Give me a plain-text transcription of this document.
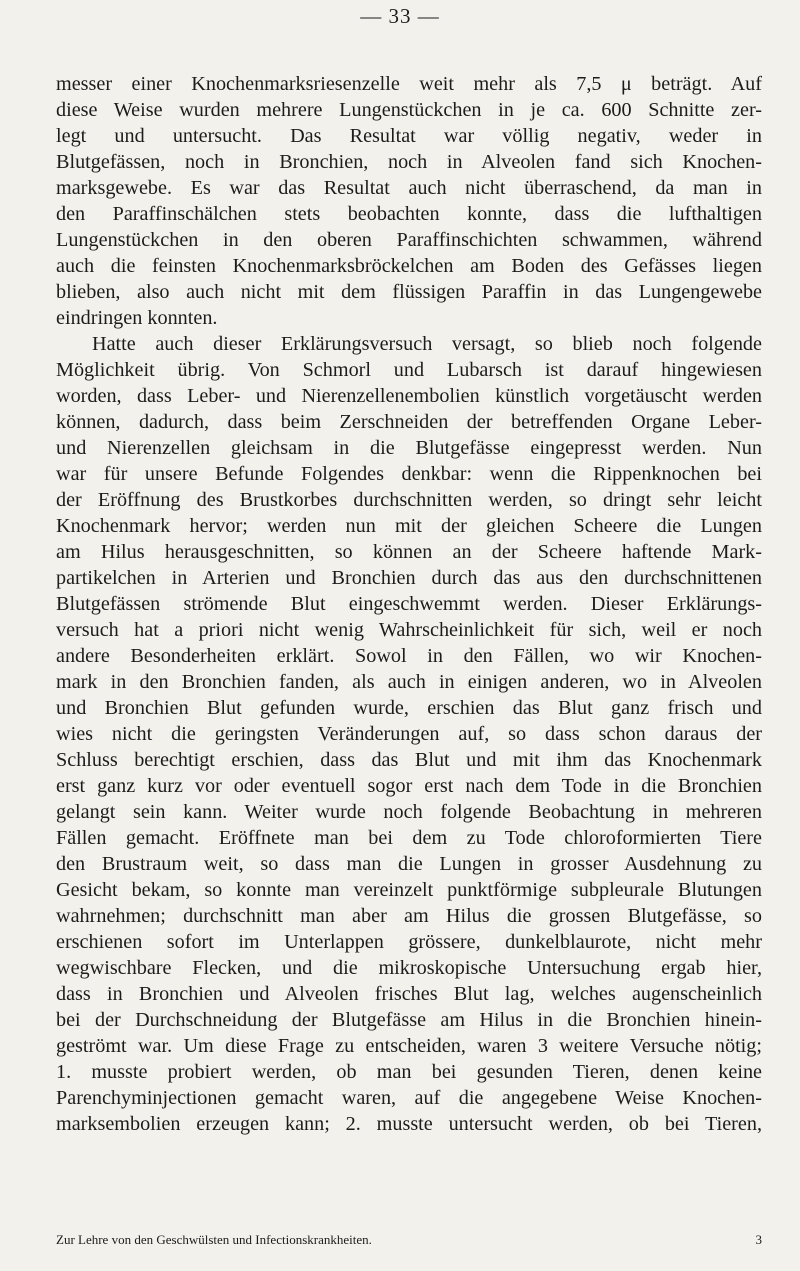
— 33 —
messer einer Knochenmarksriesenzelle weit mehr als 7,5 μ beträgt. Auf
diese Weise wurden mehrere Lungenstückchen in je ca. 600 Schnitte zer-
legt und untersucht. Das Resultat war völlig negativ, weder in
Blutgefässen, noch in Bronchien, noch in Alveolen fand sich Knochen-
marksgewebe. Es war das Resultat auch nicht überraschend, da man in
den Paraffinschälchen stets beobachten konnte, dass die lufthaltigen
Lungenstückchen in den oberen Paraffinschichten schwammen, während
auch die feinsten Knochenmarksbröckelchen am Boden des Gefässes liegen
blieben, also auch nicht mit dem flüssigen Paraffin in das Lungengewebe
eindringen konnten.
Hatte auch dieser Erklärungsversuch versagt, so blieb noch folgende
Möglichkeit übrig. Von Schmorl und Lubarsch ist darauf hingewiesen
worden, dass Leber- und Nierenzellenembolien künstlich vorgetäuscht werden
können, dadurch, dass beim Zerschneiden der betreffenden Organe Leber-
und Nierenzellen gleichsam in die Blutgefässe eingepresst werden. Nun
war für unsere Befunde Folgendes denkbar: wenn die Rippenknochen bei
der Eröffnung des Brustkorbes durchschnitten werden, so dringt sehr leicht
Knochenmark hervor; werden nun mit der gleichen Scheere die Lungen
am Hilus herausgeschnitten, so können an der Scheere haftende Mark-
partikelchen in Arterien und Bronchien durch das aus den durchschnittenen
Blutgefässen strömende Blut eingeschwemmt werden. Dieser Erklärungs-
versuch hat a priori nicht wenig Wahrscheinlichkeit für sich, weil er noch
andere Besonderheiten erklärt. Sowol in den Fällen, wo wir Knochen-
mark in den Bronchien fanden, als auch in einigen anderen, wo in Alveolen
und Bronchien Blut gefunden wurde, erschien das Blut ganz frisch und
wies nicht die geringsten Veränderungen auf, so dass schon daraus der
Schluss berechtigt erschien, dass das Blut und mit ihm das Knochenmark
erst ganz kurz vor oder eventuell sogor erst nach dem Tode in die Bronchien
gelangt sein kann. Weiter wurde noch folgende Beobachtung in mehreren
Fällen gemacht. Eröffnete man bei dem zu Tode chloroformierten Tiere
den Brustraum weit, so dass man die Lungen in grosser Ausdehnung zu
Gesicht bekam, so konnte man vereinzelt punktförmige subpleurale Blutungen
wahrnehmen; durchschnitt man aber am Hilus die grossen Blutgefässe, so
erschienen sofort im Unterlappen grössere, dunkelblaurote, nicht mehr
wegwischbare Flecken, und die mikroskopische Untersuchung ergab hier,
dass in Bronchien und Alveolen frisches Blut lag, welches augenscheinlich
bei der Durchschneidung der Blutgefässe am Hilus in die Bronchien hinein-
geströmt war. Um diese Frage zu entscheiden, waren 3 weitere Versuche nötig;
1. musste probiert werden, ob man bei gesunden Tieren, denen keine
Parenchyminjectionen gemacht waren, auf die angegebene Weise Knochen-
marksembolien erzeugen kann; 2. musste untersucht werden, ob bei Tieren,
Zur Lehre von den Geschwülsten und Infectionskrankheiten.	3
